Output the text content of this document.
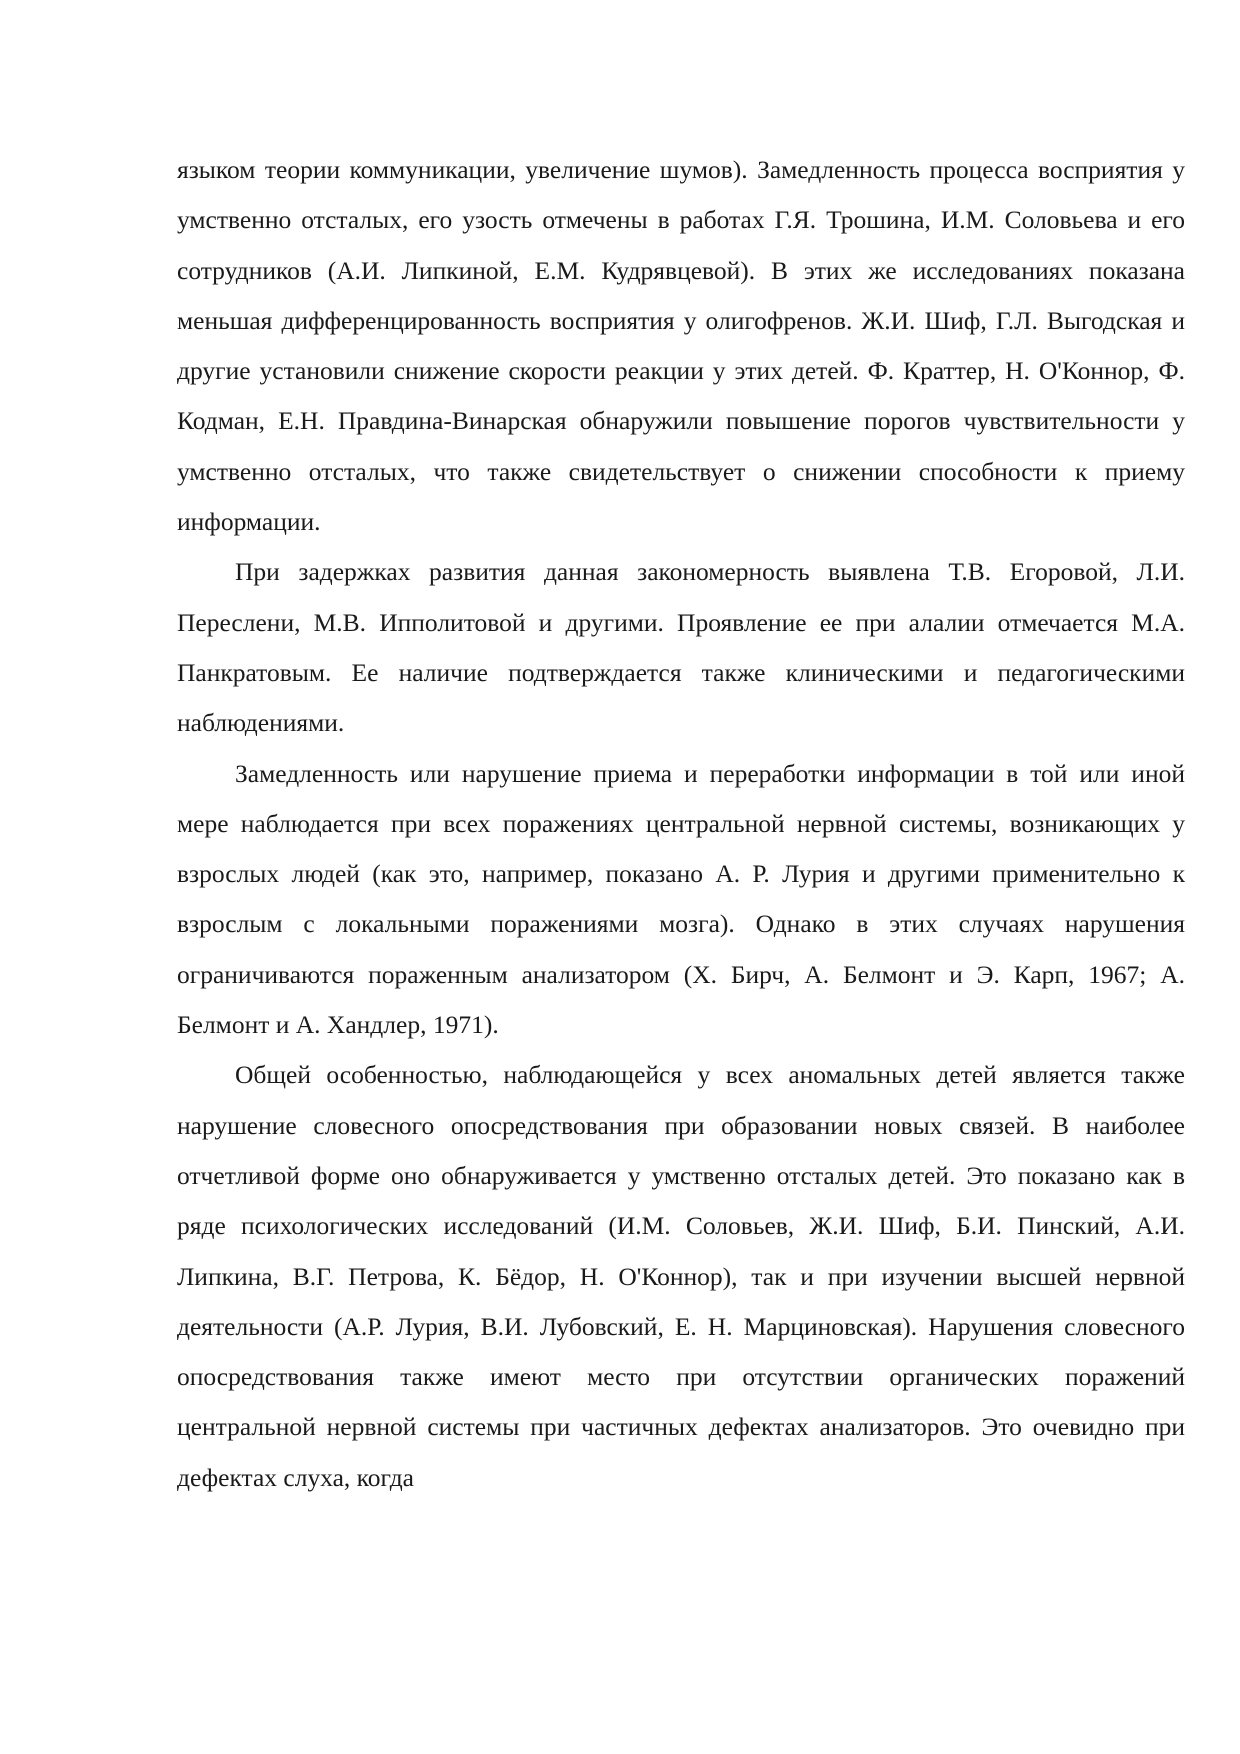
языком теории коммуникации, увеличение шумов). Замедленность процесса восприятия у умственно отсталых, его узость отмечены в работах Г.Я. Трошина, И.М. Соловьева и его сотрудников (А.И. Липкиной, Е.М. Кудрявцевой). В этих же исследованиях показана меньшая дифференцированность восприятия у олигофренов. Ж.И. Шиф, Г.Л. Выгодская и другие установили снижение скорости реакции у этих детей. Ф. Краттер, Н. О'Коннор, Ф. Кодман, Е.Н. Правдина-Винарская обнаружили повышение порогов чувствительности у умственно отсталых, что также свидетельствует о снижении способности к приему информации.

При задержках развития данная закономерность выявлена Т.В. Егоровой, Л.И. Переслени, М.В. Ипполитовой и другими. Проявление ее при алалии отмечается М.А. Панкратовым. Ее наличие подтверждается также клиническими и педагогическими наблюдениями.

Замедленность или нарушение приема и переработки информации в той или иной мере наблюдается при всех поражениях центральной нервной системы, возникающих у взрослых людей (как это, например, показано А. Р. Лурия и другими применительно к взрослым с локальными поражениями мозга). Однако в этих случаях нарушения ограничиваются пораженным анализатором (Х. Бирч, А. Белмонт и Э. Карп, 1967; А. Белмонт и А. Хандлер, 1971).

Общей особенностью, наблюдающейся у всех аномальных детей является также нарушение словесного опосредствования при образовании новых связей. В наиболее отчетливой форме оно обнаруживается у умственно отсталых детей. Это показано как в ряде психологических исследований (И.М. Соловьев, Ж.И. Шиф, Б.И. Пинский, А.И. Липкина, В.Г. Петрова, К. Бёдор, Н. О'Коннор), так и при изучении высшей нервной деятельности (А.Р. Лурия, В.И. Лубовский, Е. Н. Марциновская). Нарушения словесного опосредствования также имеют место при отсутствии органических поражений центральной нервной системы при частичных дефектах анализаторов. Это очевидно при дефектах слуха, когда
